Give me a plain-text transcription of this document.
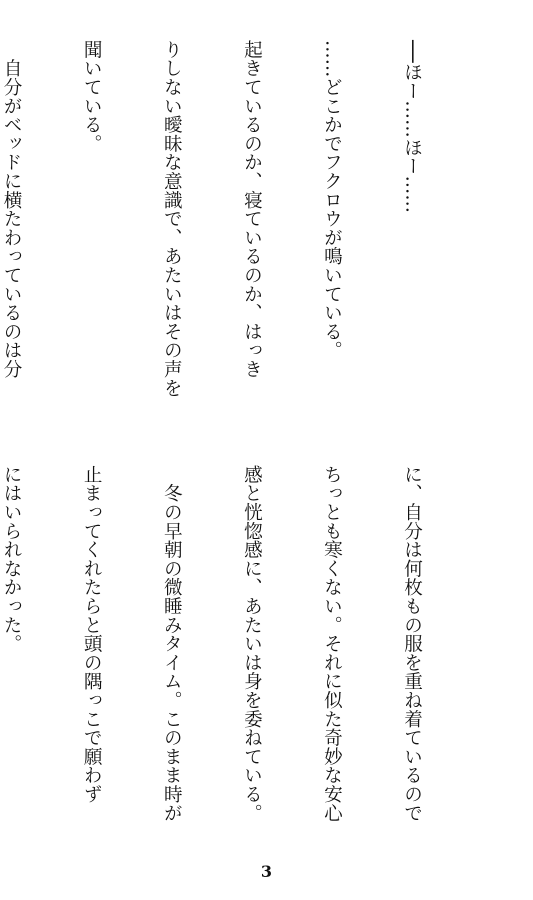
──ほー……ほー……

……どこかでフクロウが鳴いている。

起きているのか、寝ているのか、はっき

りしない曖昧な意識で、あたいはその声を

聞いている。

　自分がベッドに横たわっているのは分

に、自分は何枚もの服を重ね着ているので

ちっとも寒くない。それに似た奇妙な安心

感と恍惚感に、あたいは身を委ねている。

　冬の早朝の微睡みタイム。このまま時が

止まってくれたらと頭の隅っこで願わず

にはいられなかった。

3
